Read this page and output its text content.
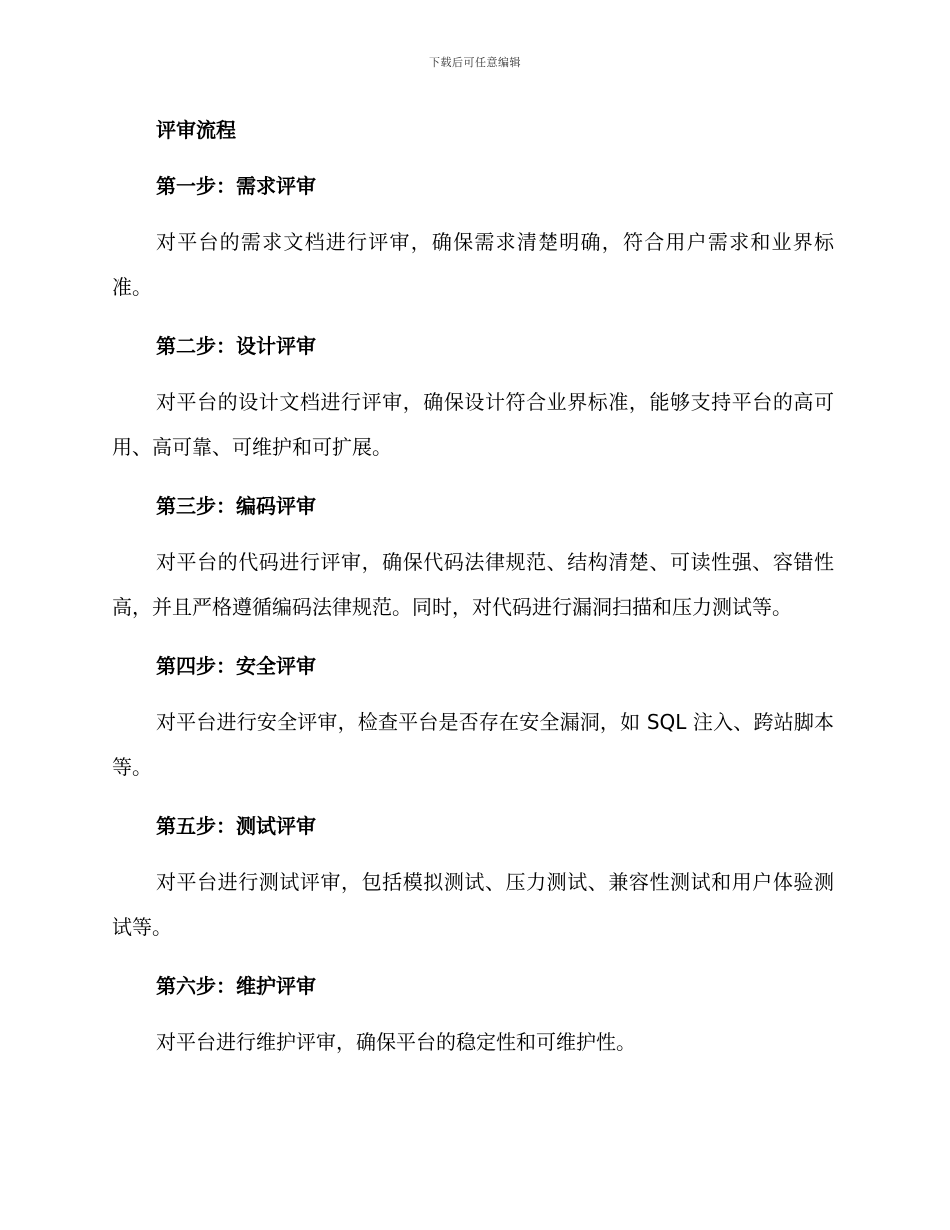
下载后可任意编辑
评审流程
第一步：需求评审

对平台的需求文档进行评审，确保需求清楚明确，符合用户需求和业界标准。

第二步：设计评审

对平台的设计文档进行评审，确保设计符合业界标准，能够支持平台的高可用、高可靠、可维护和可扩展。

第三步：编码评审

对平台的代码进行评审，确保代码法律规范、结构清楚、可读性强、容错性高，并且严格遵循编码法律规范。同时，对代码进行漏洞扫描和压力测试等。

第四步：安全评审

对平台进行安全评审，检查平台是否存在安全漏洞，如 SQL 注入、跨站脚本等。

第五步：测试评审

对平台进行测试评审，包括模拟测试、压力测试、兼容性测试和用户体验测试等。

第六步：维护评审

对平台进行维护评审，确保平台的稳定性和可维护性。
